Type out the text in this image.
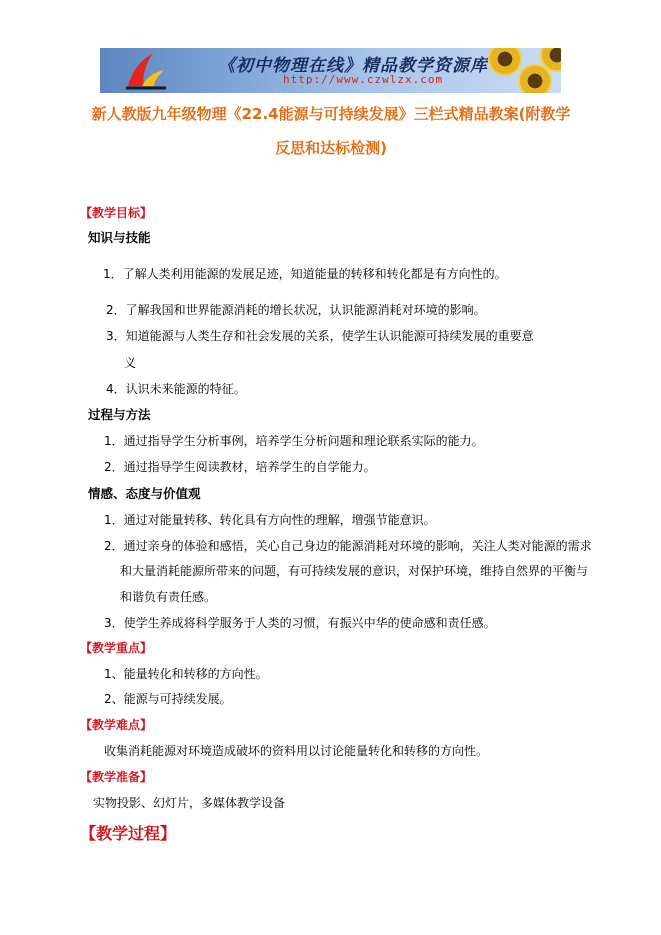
《初中物理在线》精品教学资源库
http://www.czwlzx.com
新人教版九年级物理《22.4能源与可持续发展》三栏式精品教案(附教学
反思和达标检测)
【教学目标】
知识与技能
1．了解人类利用能源的发展足迹，知道能量的转移和转化都是有方向性的。
2．了解我国和世界能源消耗的增长状况，认识能源消耗对环境的影响。
3．知道能源与人类生存和社会发展的关系，使学生认识能源可持续发展的重要意
义
4．认识未来能源的特征。
过程与方法
1．通过指导学生分析事例，培养学生分析问题和理论联系实际的能力。
2．通过指导学生阅读教材，培养学生的自学能力。
情感、态度与价值观
1．通过对能量转移、转化具有方向性的理解，增强节能意识。
2．通过亲身的体验和感悟，关心自己身边的能源消耗对环境的影响，关注人类对能源的需求
和大量消耗能源所带来的问题，有可持续发展的意识，对保护环境，维持自然界的平衡与
和谐负有责任感。
3．使学生养成将科学服务于人类的习惯，有振兴中华的使命感和责任感。
【教学重点】
1、能量转化和转移的方向性。
2、能源与可持续发展。
【教学难点】
收集消耗能源对环境造成破坏的资料用以讨论能量转化和转移的方向性。
【教学准备】
实物投影、幻灯片，多媒体教学设备
【教学过程】
